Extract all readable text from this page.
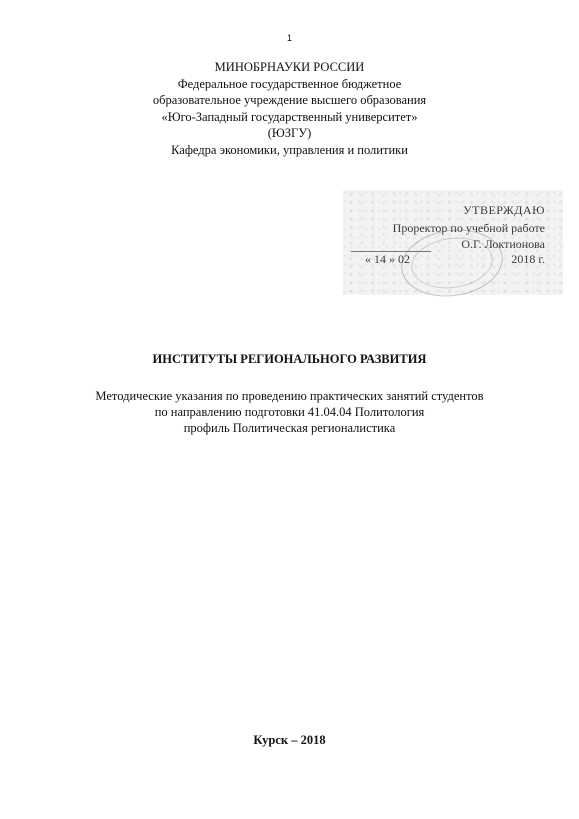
1
МИНОБРНАУКИ РОССИИ
Федеральное государственное бюджетное
образовательное учреждение высшего образования
«Юго-Западный государственный университет»
(ЮЗГУ)
Кафедра экономики, управления и политики
УТВЕРЖДАЮ
Проректор по учебной работе
О.Г. Локтионова
« 14 » 02	2018 г.
ИНСТИТУТЫ РЕГИОНАЛЬНОГО РАЗВИТИЯ
Методические указания по проведению практических занятий студентов
по направлению подготовки 41.04.04 Политология
профиль Политическая регионалистика
Курск – 2018
